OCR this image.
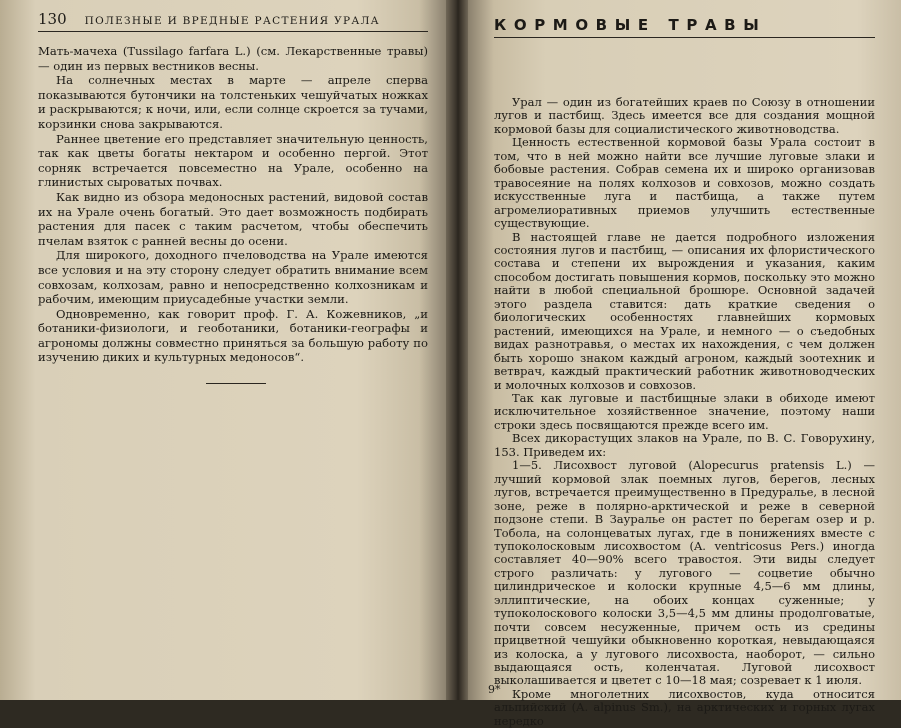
130 ПОЛЕЗНЫЕ И ВРЕДНЫЕ РАСТЕНИЯ УРАЛА

Мать-мачеха (Tussilago farfara L.) (см. Лекарственные травы) — один из первых вестников весны.

На солнечных местах в марте — апреле сперва показываются бутончики на толстеньких чешуйчатых ножках и раскрываются; к ночи, или, если солнце скроется за тучами, корзинки снова закрываются.

Раннее цветение его представляет значительную ценность, так как цветы богаты нектаром и особенно пергой. Этот сорняк встречается повсеместно на Урале, особенно на глинистых сыроватых почвах.

Как видно из обзора медоносных растений, видовой состав их на Урале очень богатый. Это дает возможность подбирать растения для пасек с таким расчетом, чтобы обеспечить пчелам взяток с ранней весны до осени.

Для широкого, доходного пчеловодства на Урале имеются все условия и на эту сторону следует обратить внимание всем совхозам, колхозам, равно и непосредственно колхозникам и рабочим, имеющим приусадебные участки земли.

Одновременно, как говорит проф. Г. А. Кожевников, „и ботаники-физиологи, и геоботаники, ботаники-географы и агрономы должны совместно приняться за большую работу по изучению диких и культурных медоносов“.

КОРМОВЫЕ ТРАВЫ

Урал — один из богатейших краев по Союзу в отношении лугов и пастбищ. Здесь имеется все для создания мощной кормовой базы для социалистического животноводства.

Ценность естественной кормовой базы Урала состоит в том, что в ней можно найти все лучшие луговые злаки и бобовые растения. Собрав семена их и широко организовав травосеяние на полях колхозов и совхозов, можно создать искусственные луга и пастбища, а также путем агромелиоративных приемов улучшить естественные существующие.

В настоящей главе не дается подробного изложения состояния лугов и пастбищ, — описания их флористического состава и степени их вырождения и указания, каким способом достигать повышения кормов, поскольку это можно найти в любой специальной брошюре. Основной задачей этого раздела ставится: дать краткие сведения о биологических особенностях главнейших кормовых растений, имеющихся на Урале, и немного — о съедобных видах разнотравья, о местах их нахождения, с чем должен быть хорошо знаком каждый агроном, каждый зоотехник и ветврач, каждый практический работник животноводческих и молочных колхозов и совхозов.

Так как луговые и пастбищные злаки в обиходе имеют исключительное хозяйственное значение, поэтому наши строки здесь посвящаются прежде всего им.

Всех дикорастущих злаков на Урале, по В. С. Говорухину, 153. Приведем их:

1—5. Лисохвост луговой (Alopecurus pratensis L.) — лучший кормовой злак поемных лугов, берегов, лесных лугов, встречается преимущественно в Предуралье, в лесной зоне, реже в полярно-арктической и реже в северной подзоне степи. В Зауралье он растет по берегам озер и р. Тобола, на солонцеватых лугах, где в понижениях вместе с тупоколосковым лисохвостом (A. ventricosus Pers.) иногда составляет 40—90% всего травостоя. Эти виды следует строго различать: у лугового — соцветие обычно цилиндрическое и колоски крупные 4,5—6 мм длины, эллиптические, на обоих концах суженные; у тупоколоскового колоски 3,5—4,5 мм длины продолговатые, почти совсем несуженные, причем ость из средины прицветной чешуйки обыкновенно короткая, невыдающаяся из колоска, а у лугового лисохвоста, наоборот, — сильно выдающаяся ость, коленчатая. Луговой лисохвост выколашивается и цветет с 10—18 мая; созревает к 1 июля.

Кроме многолетних лисохвостов, куда относится альпийский (A. alpinus Sm.), на арктических и горных лугах нередко

9*
